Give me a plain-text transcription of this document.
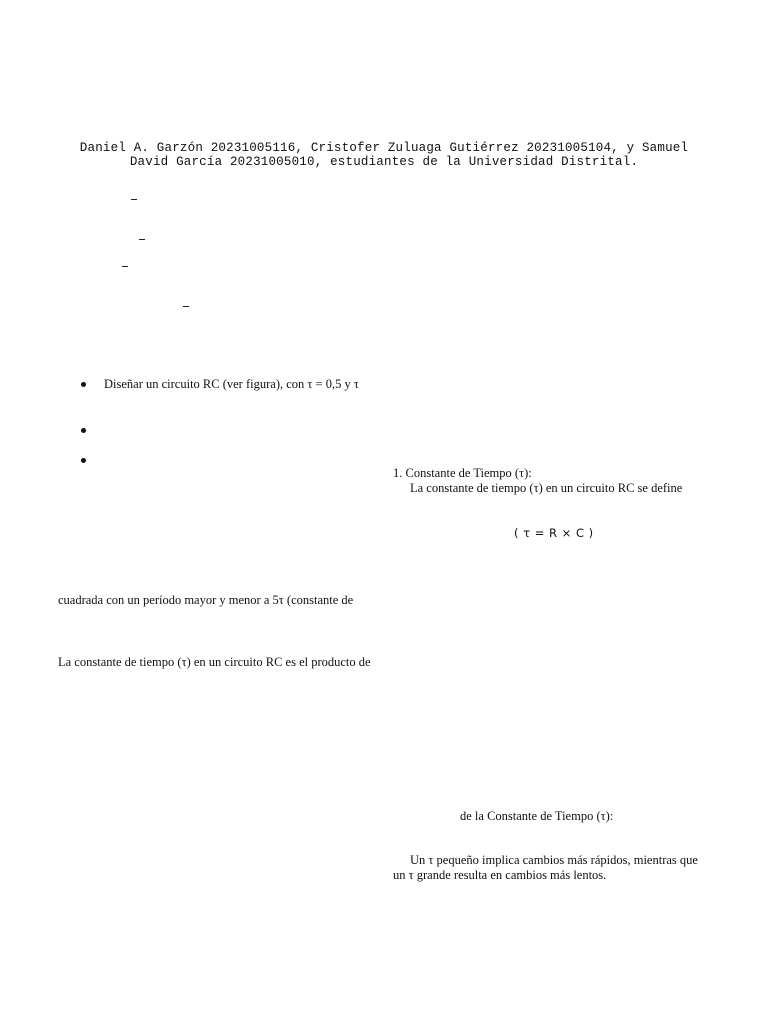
Daniel A. Garzón 20231005116, Cristofer Zuluaga Gutiérrez 20231005104, y Samuel
David García 20231005010, estudiantes de la Universidad Distrital.
Diseñar un circuito RC (ver figura), con τ = 0,5 y τ
1. Constante de Tiempo (τ):
La constante de tiempo (τ) en un circuito RC se define
( τ = R × C )
cuadrada con un período mayor y menor a 5τ (constante de
La constante de tiempo (τ) en un circuito RC es el producto de
de la Constante de Tiempo (τ):
Un τ pequeño implica cambios más rápidos, mientras que
un τ grande resulta en cambios más lentos.
